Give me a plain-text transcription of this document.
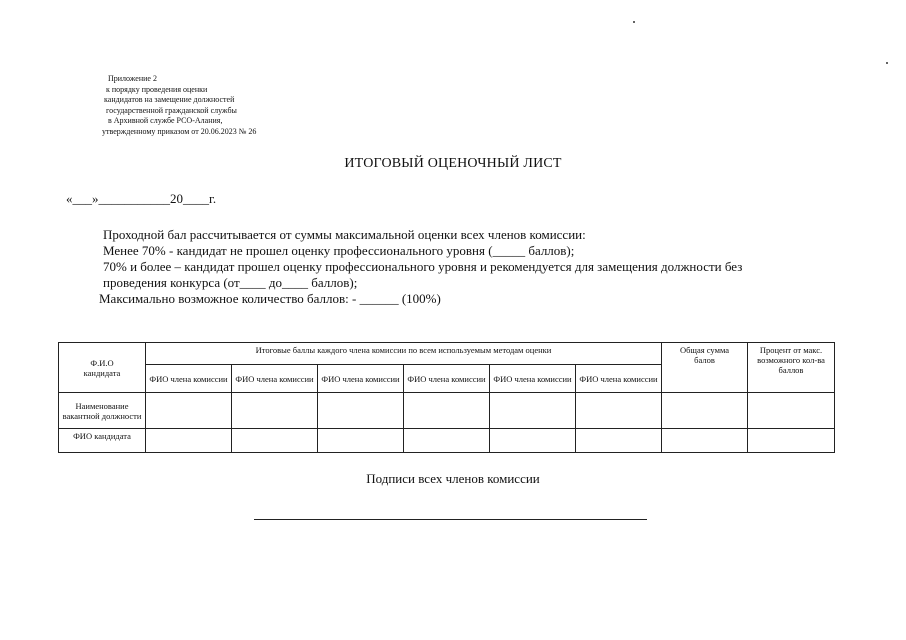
Приложение 2
к порядку проведения оценки
кандидатов на замещение должностей
государственной гражданской службы
в Архивной службе РСО-Алания,
утвержденному приказом от 20.06.2023 № 26
ИТОГОВЫЙ ОЦЕНОЧНЫЙ ЛИСТ
«___»___________20____г.
Проходной бал рассчитывается от суммы максимальной оценки всех членов комиссии:
Менее 70% - кандидат не прошел оценку профессионального уровня (_____ баллов);
70% и более – кандидат прошел оценку профессионального уровня и рекомендуется для замещения должности без
проведения конкурса (от____ до____ баллов);
Максимально возможное количество баллов: - ______ (100%)
Ф.И.О кандидата	Итоговые баллы каждого члена комиссии по всем используемым методам оценки						Общая сумма балов	Процент от макс. возможного кол-ва баллов
	ФИО члена комиссии	ФИО члена комиссии	ФИО члена комиссии	ФИО члена комиссии	ФИО члена комиссии	ФИО члена комиссии		
Наименование вакантной должности								
ФИО кандидата								
Подписи всех членов комиссии
